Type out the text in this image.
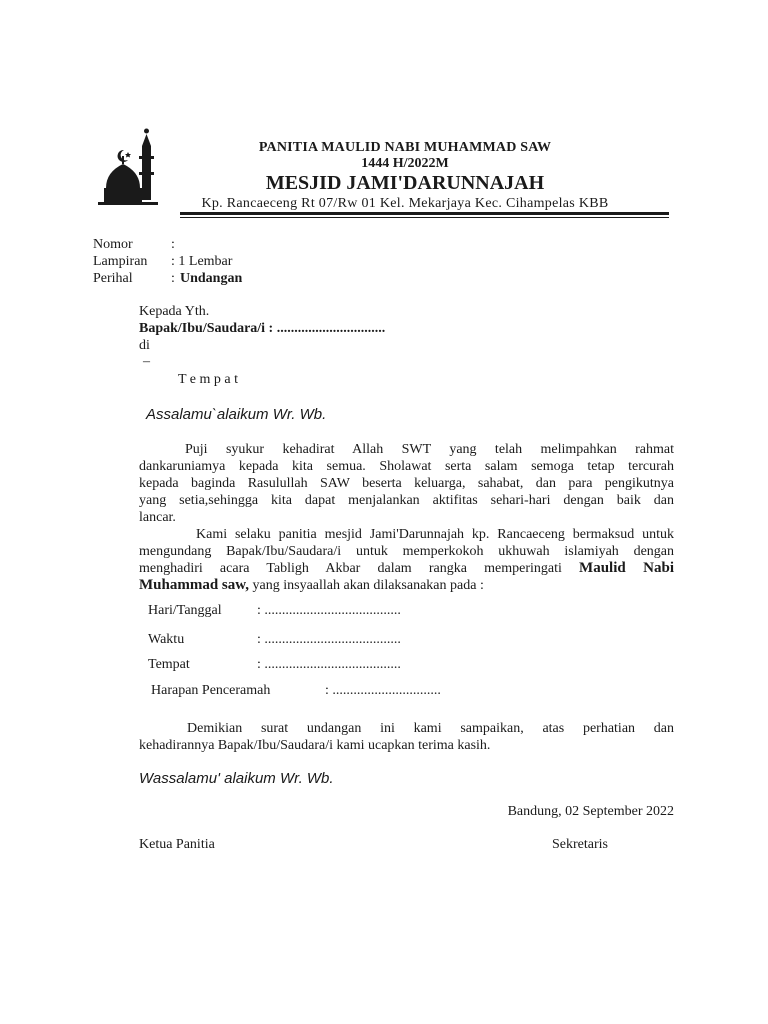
PANITIA MAULID NABI MUHAMMAD SAW
1444 H/2022M
MESJID JAMI'DARUNNAJAH
Kp. Rancaeceng Rt 07/Rw 01 Kel. Mekarjaya Kec. Cihampelas KBB
Nomor	:
Lampiran : 1 Lembar
Perihal	: Undangan
Kepada Yth.
Bapak/Ibu/Saudara/i : ...............................
di
–
T e m p a t
Assalamu`alaikum Wr. Wb.
Puji syukur kehadirat Allah SWT yang telah melimpahkan rahmat
dankaruniamya kepada kita semua. Sholawat serta salam semoga tetap tercurah
kepada baginda Rasulullah SAW beserta keluarga, sahabat, dan para pengikutnya
yang setia,sehingga kita dapat menjalankan aktifitas sehari-hari dengan baik dan
lancar.
Kami selaku panitia mesjid Jami'Darunnajah kp. Rancaeceng bermaksud untuk
mengundang Bapak/Ibu/Saudara/i untuk memperkokoh ukhuwah islamiyah dengan
menghadiri acara Tabligh Akbar dalam rangka memperingati Maulid Nabi
Muhammad saw, yang insyaallah akan dilaksanakan pada :
Hari/Tanggal	: .......................................
Waktu	: .......................................
Tempat	: .......................................
Harapan Penceramah	: ...............................
Demikian surat undangan ini kami sampaikan, atas perhatian dan
kehadirannya Bapak/Ibu/Saudara/i kami ucapkan terima kasih.
Wassalamu' alaikum Wr. Wb.
Bandung, 02 September 2022
Ketua Panitia	Sekretaris
